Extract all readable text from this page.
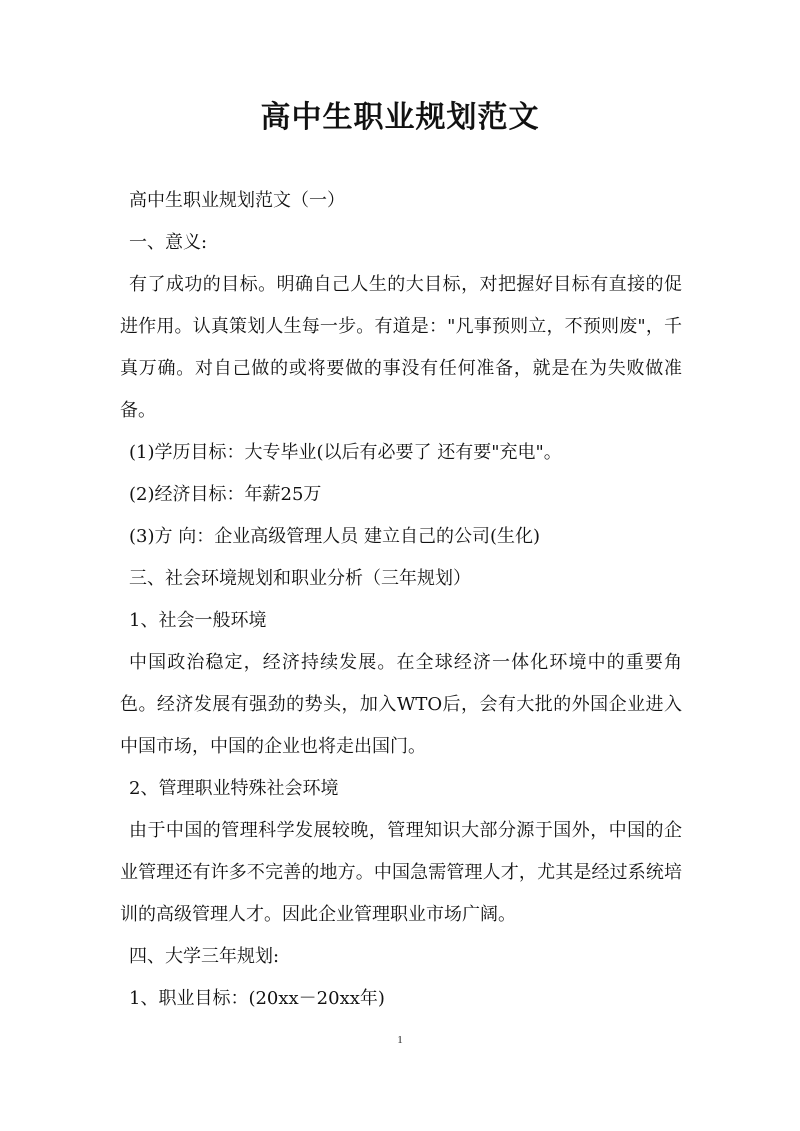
高中生职业规划范文

高中生职业规划范文（一）

一、意义:

有了成功的目标。明确自己人生的大目标，对把握好目标有直接的促进作用。认真策划人生每一步。有道是："凡事预则立，不预则废"，千真万确。对自己做的或将要做的事没有任何准备，就是在为失败做准备。

(1)学历目标：大专毕业(以后有必要了 还有要"充电"。

(2)经济目标：年薪25万

(3)方 向：企业高级管理人员 建立自己的公司(生化)

三、社会环境规划和职业分析（三年规划）

1、社会一般环境

中国政治稳定，经济持续发展。在全球经济一体化环境中的重要角色。经济发展有强劲的势头，加入WTO后，会有大批的外国企业进入中国市场，中国的企业也将走出国门。

2、管理职业特殊社会环境

由于中国的管理科学发展较晚，管理知识大部分源于国外，中国的企业管理还有许多不完善的地方。中国急需管理人才，尤其是经过系统培训的高级管理人才。因此企业管理职业市场广阔。

四、大学三年规划:

1、职业目标：(20xx－20xx年)

1
